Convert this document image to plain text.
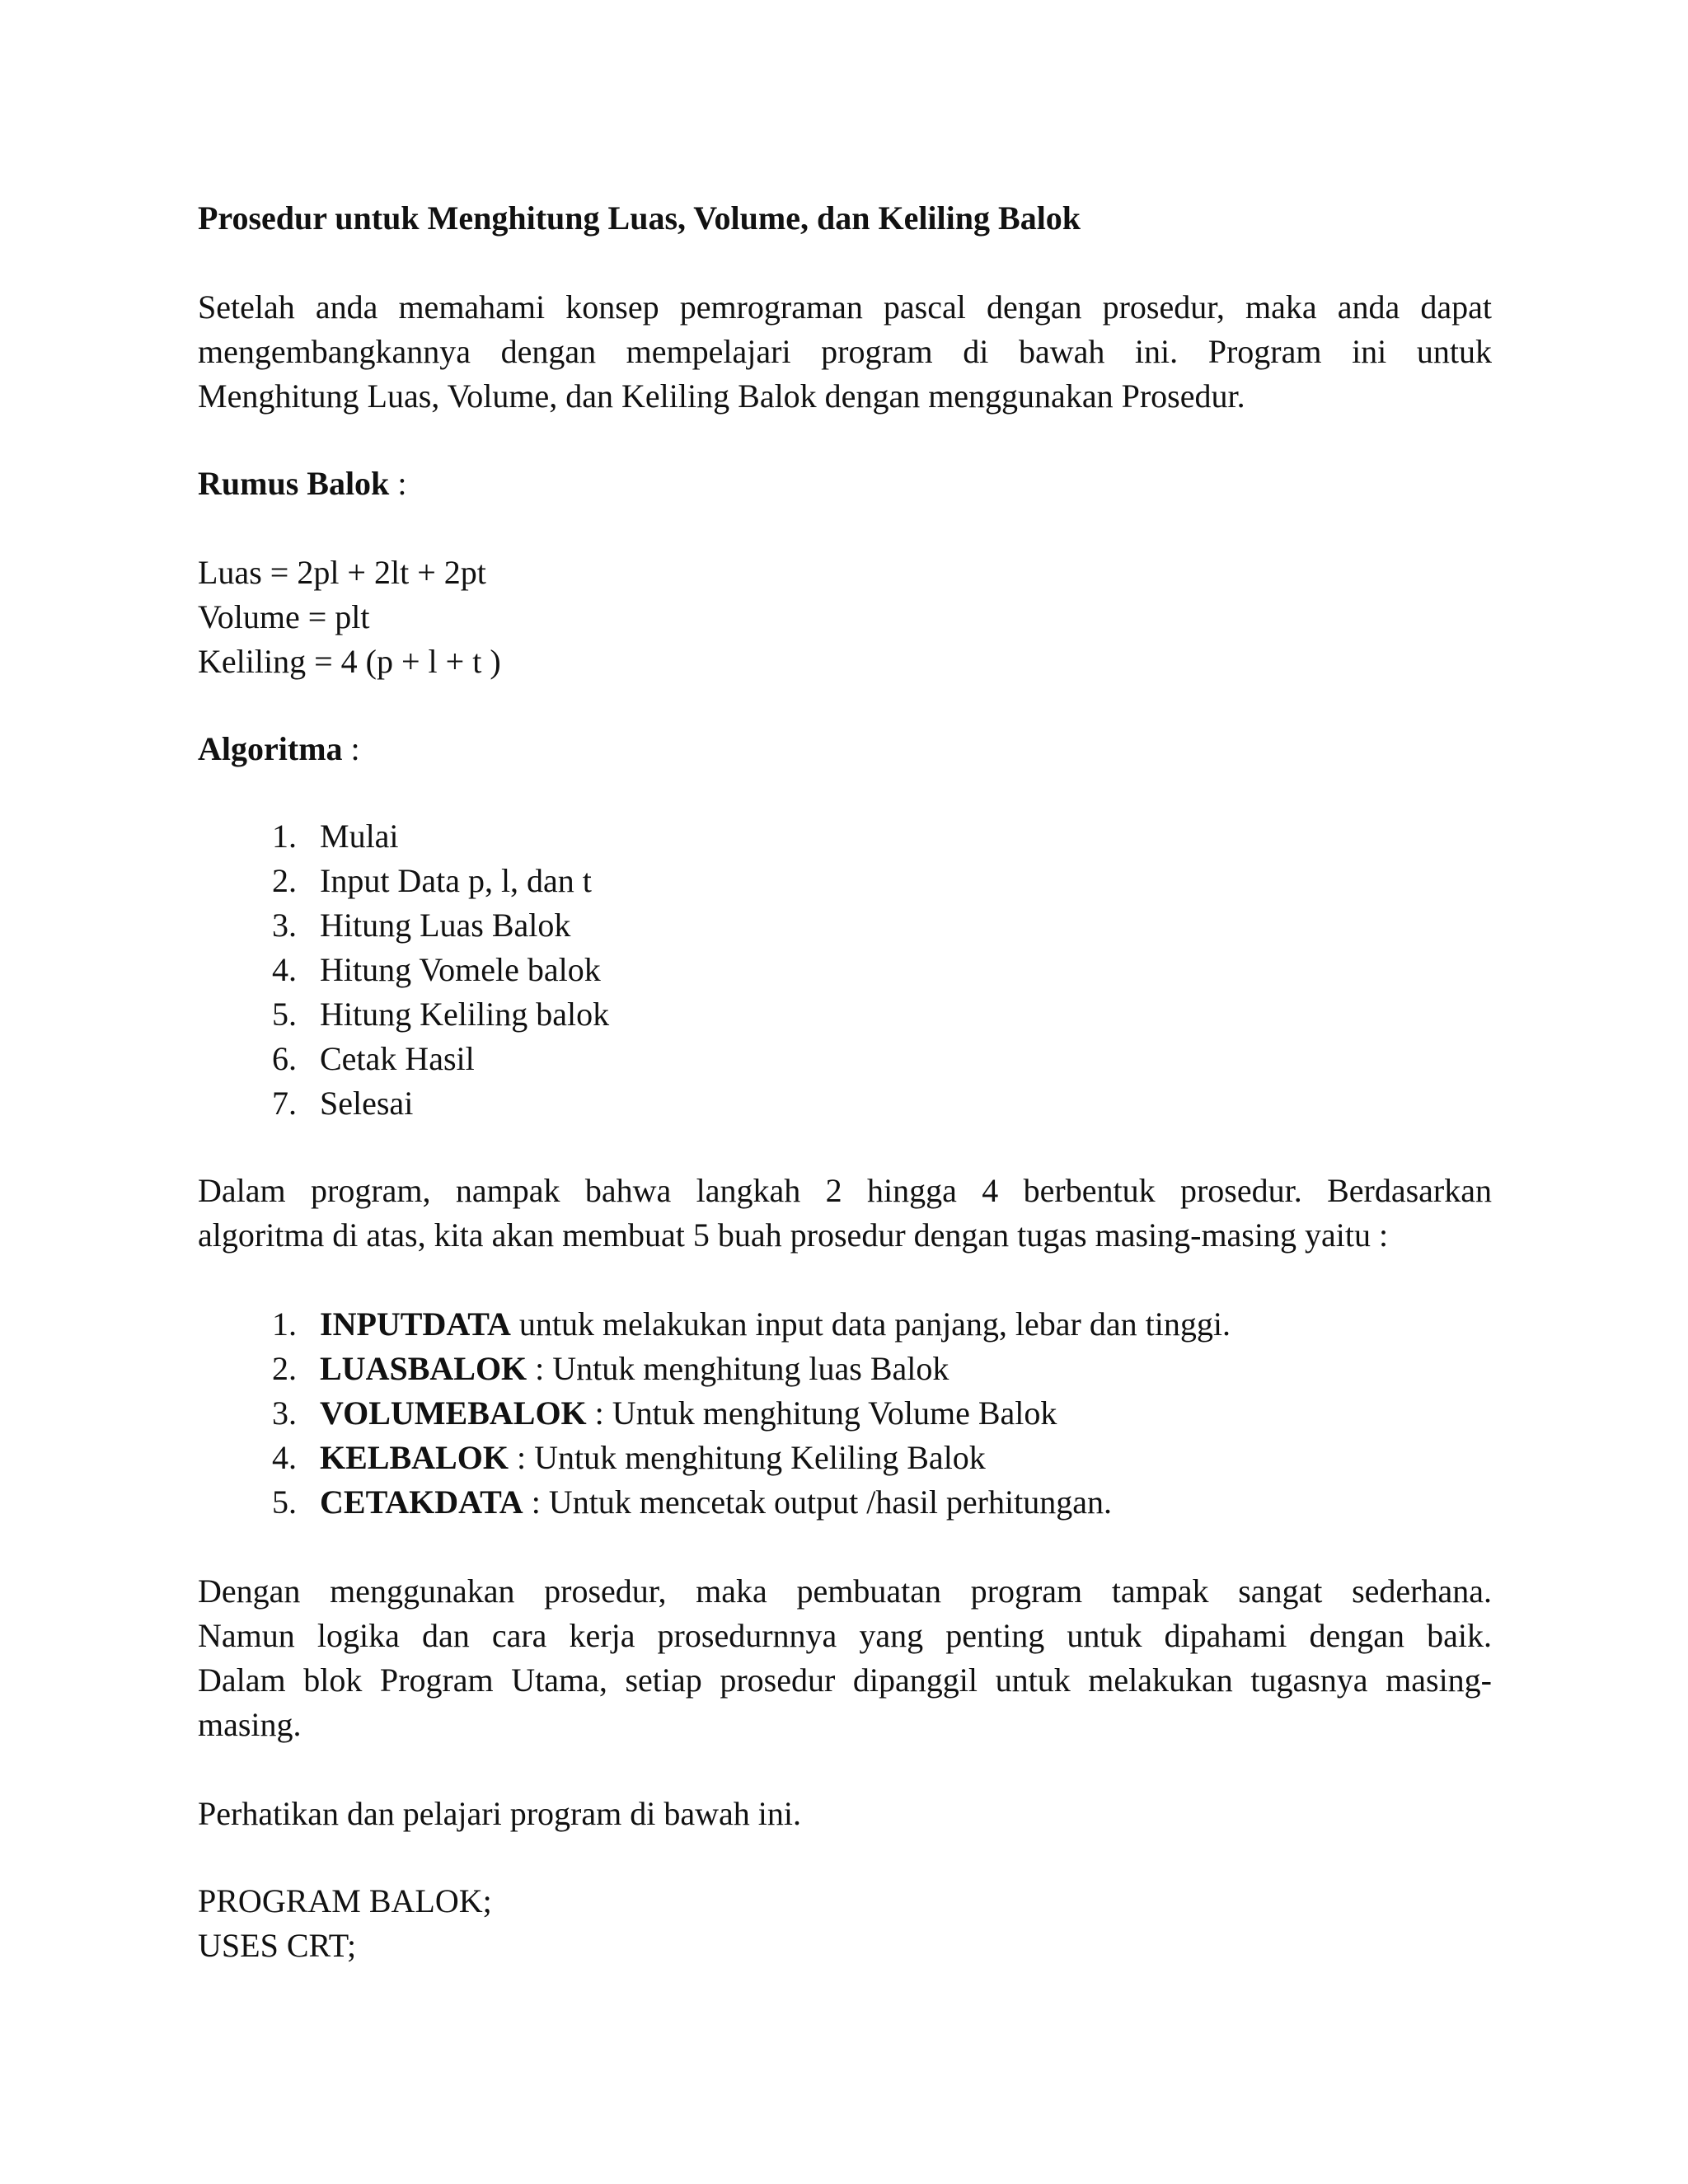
Prosedur untuk Menghitung Luas, Volume, dan Keliling Balok
Setelah anda memahami konsep pemrograman pascal dengan prosedur, maka anda dapat
mengembangkannya dengan mempelajari program di bawah ini. Program ini untuk
Menghitung Luas, Volume, dan Keliling Balok dengan menggunakan Prosedur.
Rumus Balok :
Luas = 2pl + 2lt + 2pt
Volume = plt
Keliling = 4 (p + l + t )
Algoritma :
1. Mulai
2. Input Data p, l, dan t
3. Hitung Luas Balok
4. Hitung Vomele balok
5. Hitung Keliling balok
6. Cetak Hasil
7. Selesai
Dalam program, nampak bahwa langkah 2 hingga 4 berbentuk prosedur. Berdasarkan
algoritma di atas, kita akan membuat 5 buah prosedur dengan tugas masing-masing yaitu :
1. INPUTDATA untuk melakukan input data panjang, lebar dan tinggi.
2. LUASBALOK : Untuk menghitung luas Balok
3. VOLUMEBALOK : Untuk menghitung Volume Balok
4. KELBALOK : Untuk menghitung Keliling Balok
5. CETAKDATA : Untuk mencetak output /hasil perhitungan.
Dengan menggunakan prosedur, maka pembuatan program tampak sangat sederhana.
Namun logika dan cara kerja prosedurnnya yang penting untuk dipahami dengan baik.
Dalam blok Program Utama, setiap prosedur dipanggil untuk melakukan tugasnya masing-
masing.
Perhatikan dan pelajari program di bawah ini.
PROGRAM BALOK;
USES CRT;
